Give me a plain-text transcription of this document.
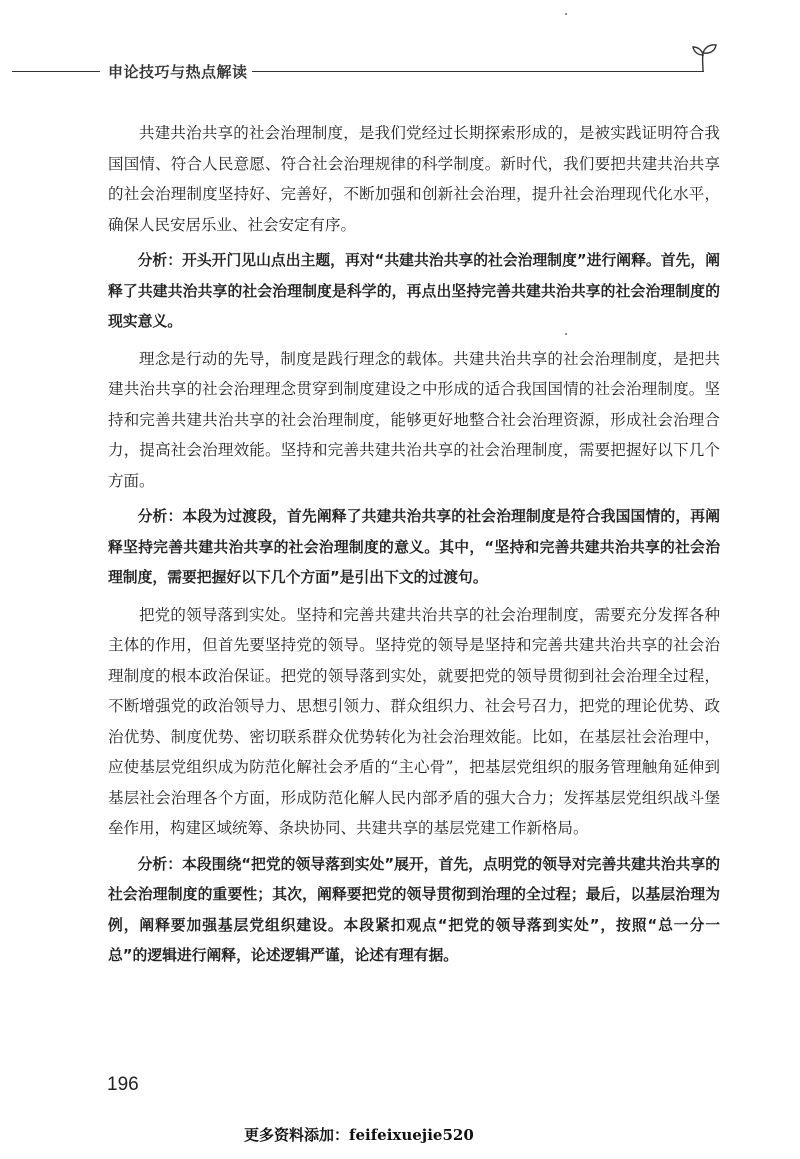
申论技巧与热点解读

共建共治共享的社会治理制度，是我们党经过长期探索形成的，是被实践证明符合我国国情、符合人民意愿、符合社会治理规律的科学制度。新时代，我们要把共建共治共享的社会治理制度坚持好、完善好，不断加强和创新社会治理，提升社会治理现代化水平，确保人民安居乐业、社会安定有序。

分析：开头开门见山点出主题，再对“共建共治共享的社会治理制度”进行阐释。首先，阐释了共建共治共享的社会治理制度是科学的，再点出坚持完善共建共治共享的社会治理制度的现实意义。

理念是行动的先导，制度是践行理念的载体。共建共治共享的社会治理制度，是把共建共治共享的社会治理理念贯穿到制度建设之中形成的适合我国国情的社会治理制度。坚持和完善共建共治共享的社会治理制度，能够更好地整合社会治理资源，形成社会治理合力，提高社会治理效能。坚持和完善共建共治共享的社会治理制度，需要把握好以下几个方面。

分析：本段为过渡段，首先阐释了共建共治共享的社会治理制度是符合我国国情的，再阐释坚持完善共建共治共享的社会治理制度的意义。其中，“坚持和完善共建共治共享的社会治理制度，需要把握好以下几个方面”是引出下文的过渡句。

把党的领导落到实处。坚持和完善共建共治共享的社会治理制度，需要充分发挥各种主体的作用，但首先要坚持党的领导。坚持党的领导是坚持和完善共建共治共享的社会治理制度的根本政治保证。把党的领导落到实处，就要把党的领导贯彻到社会治理全过程，不断增强党的政治领导力、思想引领力、群众组织力、社会号召力，把党的理论优势、政治优势、制度优势、密切联系群众优势转化为社会治理效能。比如，在基层社会治理中，应使基层党组织成为防范化解社会矛盾的“主心骨”，把基层党组织的服务管理触角延伸到基层社会治理各个方面，形成防范化解人民内部矛盾的强大合力；发挥基层党组织战斗堡垒作用，构建区域统筹、条块协同、共建共享的基层党建工作新格局。

分析：本段围绕“把党的领导落到实处”展开，首先，点明党的领导对完善共建共治共享的社会治理制度的重要性；其次，阐释要把党的领导贯彻到治理的全过程；最后，以基层治理为例，阐释要加强基层党组织建设。本段紧扣观点“把党的领导落到实处”，按照“总一分一总”的逻辑进行阐释，论述逻辑严谨，论述有理有据。

196
更多资料添加：feifeixuejie520
